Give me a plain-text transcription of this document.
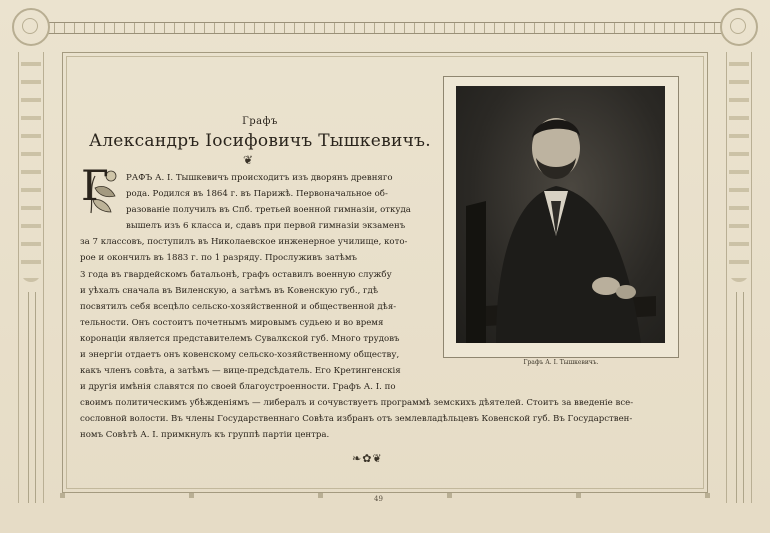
Графъ
Александръ Іосифовичъ Тышкевичъ.
❦
Г	РАФЪ А. I. Тышкевичъ происходитъ изъ дворянъ древняго
рода. Родился въ 1864 г. въ Парижѣ. Первоначальное об-
разованіе получилъ въ Спб. третьей военной гимназіи, откуда
вышелъ изъ 6 класса и, сдавъ при первой гимназіи экзаменъ
за 7 классовъ, поступилъ въ Николаевское инженерное училище, кото-
рое и окончилъ въ 1883 г. по 1 разряду. Прослуживъ затѣмъ
3 года въ гвардейскомъ батальонѣ, графъ оставилъ военную службу
и уѣхалъ сначала въ Виленскую, а затѣмъ въ Ковенскую губ., гдѣ
посвятилъ себя всецѣло сельско-хозяйственной и общественной дѣя-
тельности. Онъ состоитъ почетнымъ мировымъ судьею и во время
коронаціи является представителемъ Сувалкской губ. Много трудовъ
и энергіи отдаетъ онъ ковенскому сельско-хозяйственному обществу,
какъ членъ совѣта, а затѣмъ — вице-предсѣдатель. Его Кретингенскія
и другія имѣнія славятся по своей благоустроенности. Графъ А. I. по
своимъ политическимъ убѣжденіямъ — либералъ и сочувствуетъ программѣ земскихъ дѣятелей. Стоитъ за введеніе все-
сословной волости. Въ члены Государственнаго Совѣта избранъ отъ землевладѣльцевъ Ковенской губ. Въ Государствен-
номъ Совѣтѣ А. I. примкнулъ къ группѣ партіи центра.
❧✿❦
49
Графъ А. I. Тышкевичъ.
